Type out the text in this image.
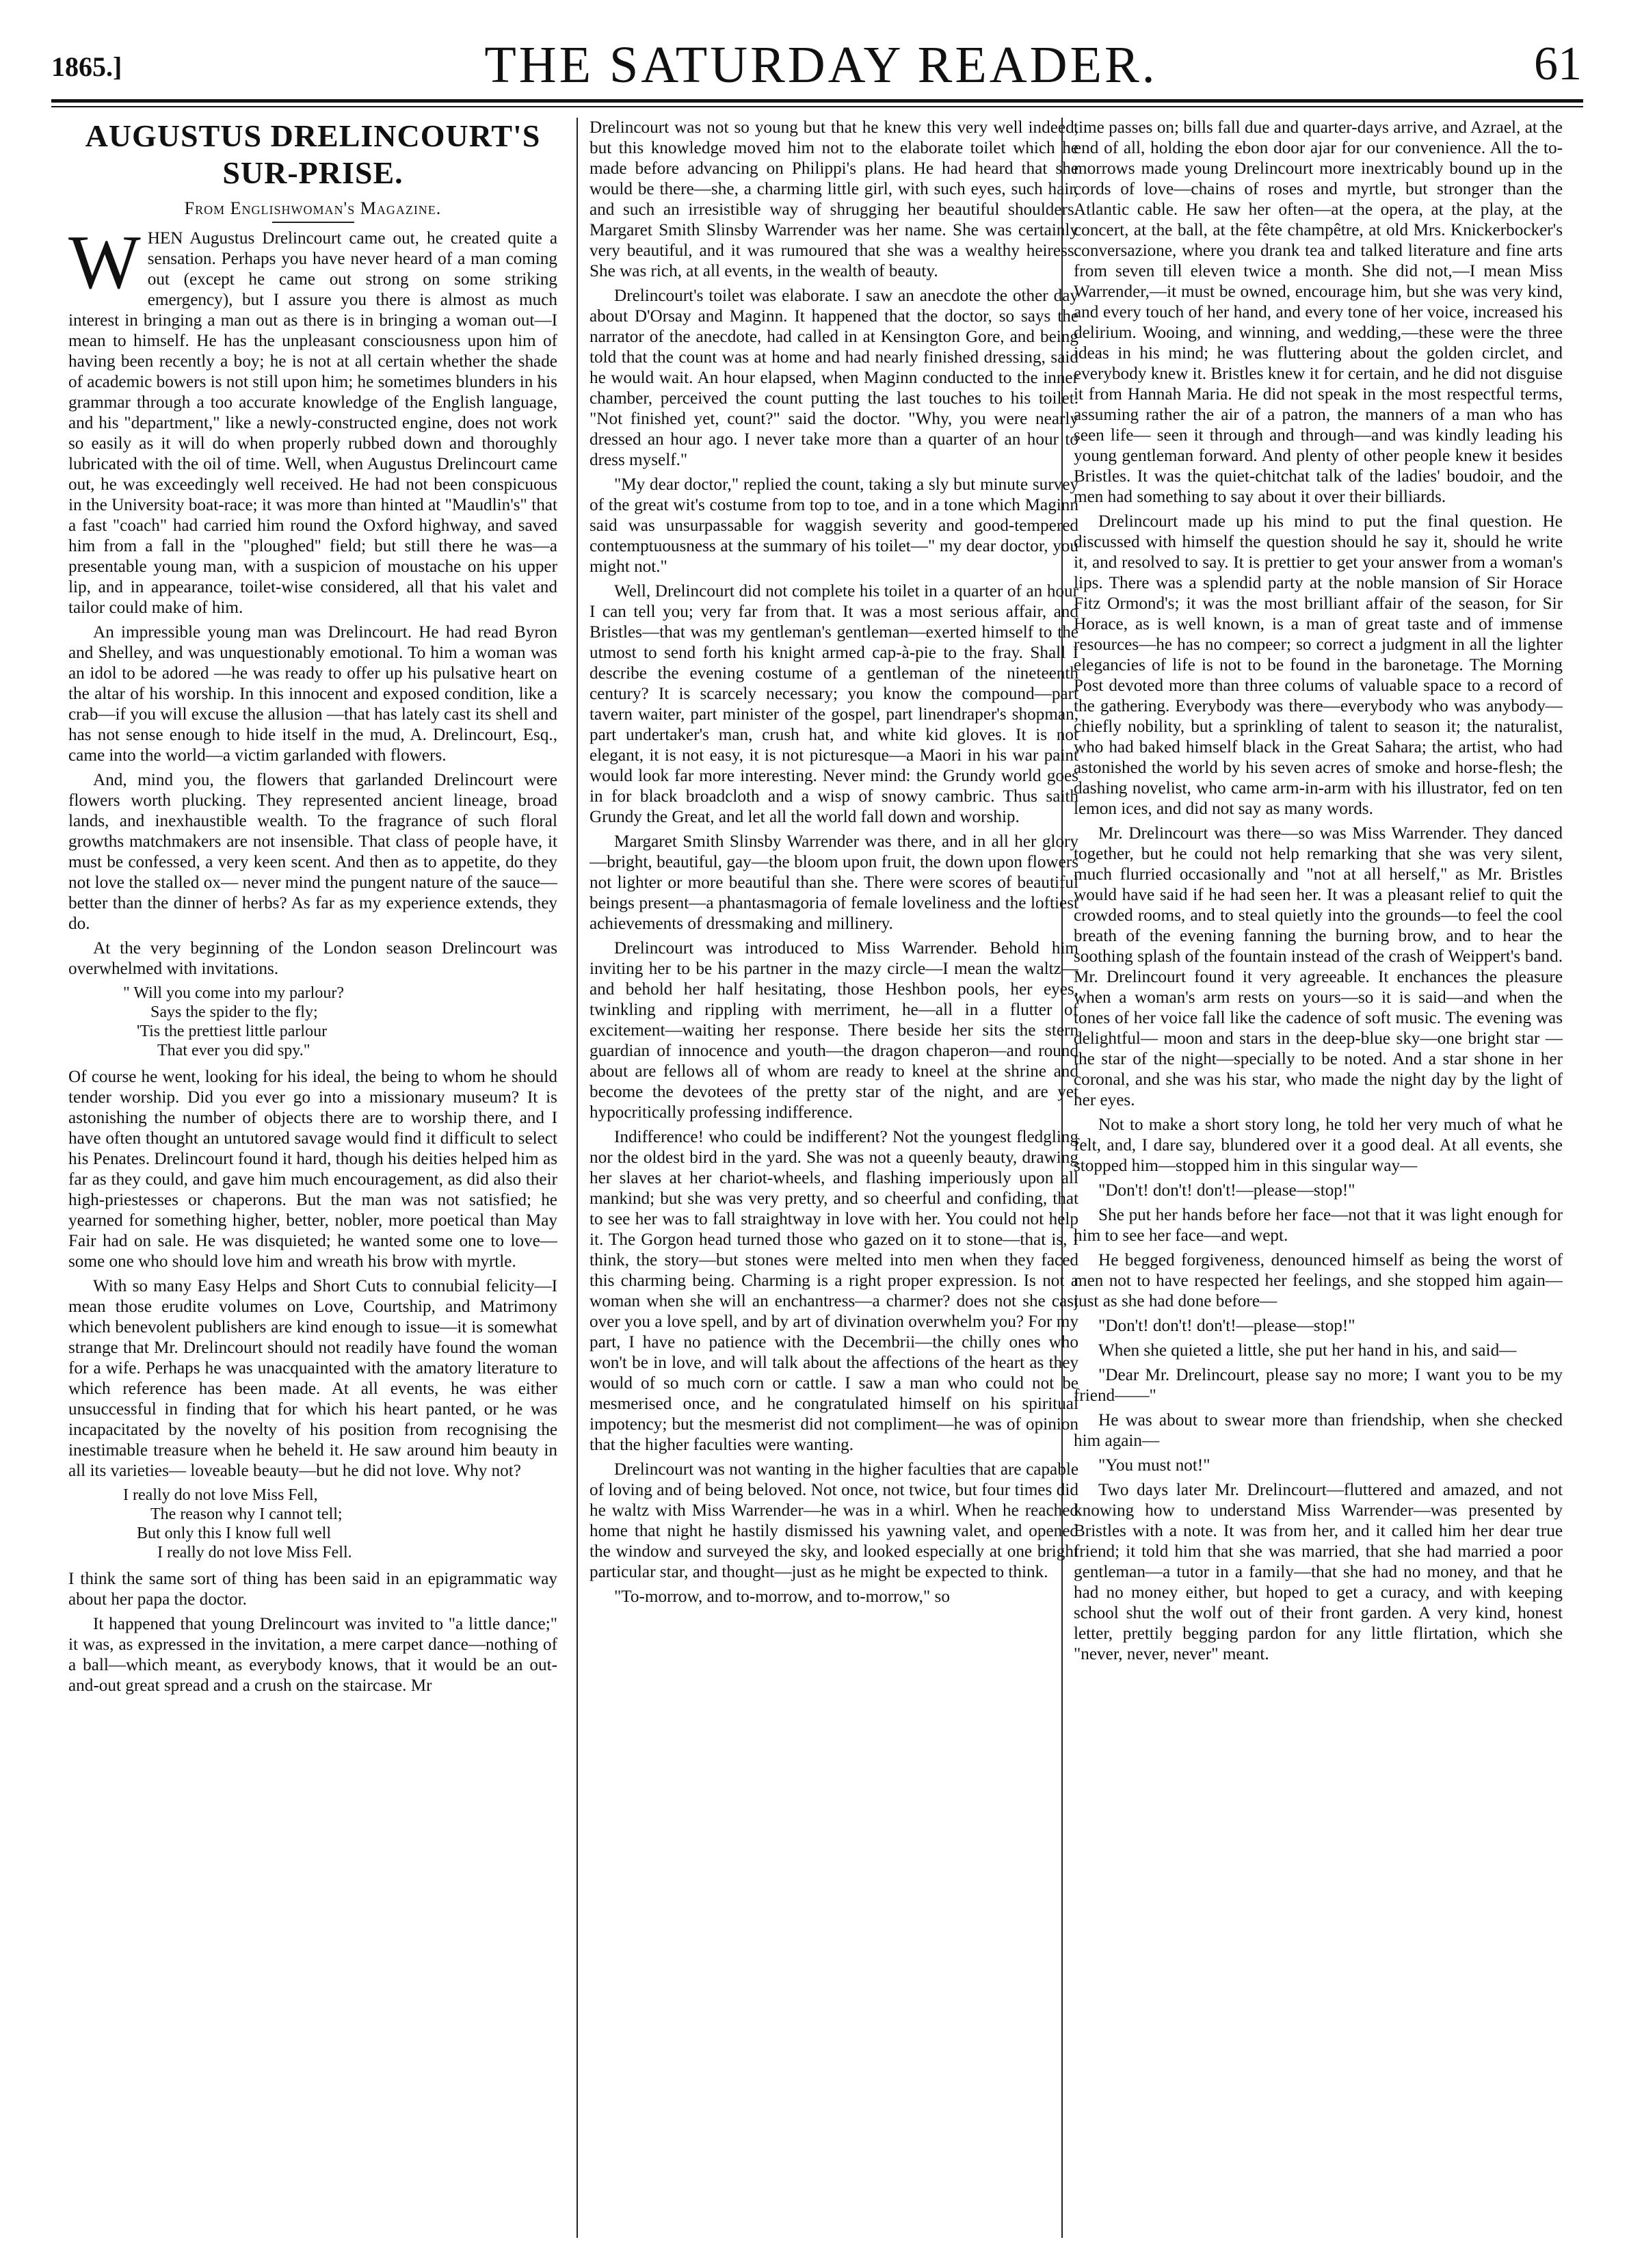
1865.]	THE SATURDAY READER.	61
AUGUSTUS DRELINCOURT'S SUR-PRISE.
From Englishwoman's Magazine.

WHEN Augustus Drelincourt came out, he created quite a sensation. Perhaps you have never heard of a man coming out (except he came out strong on some striking emergency), but I assure you there is almost as much interest in bringing a man out as there is in bringing a woman out—I mean to himself. He has the unpleasant consciousness upon him of having been recently a boy; he is not at all certain whether the shade of academic bowers is not still upon him; he sometimes blunders in his grammar through a too accurate knowledge of the English language, and his "department," like a newly-constructed engine, does not work so easily as it will do when properly rubbed down and thoroughly lubricated with the oil of time. Well, when Augustus Drelincourt came out, he was exceedingly well received. He had not been conspicuous in the University boat-race; it was more than hinted at "Maudlin's" that a fast "coach" had carried him round the Oxford highway, and saved him from a fall in the "ploughed" field; but still there he was—a presentable young man, with a suspicion of moustache on his upper lip, and in appearance, toilet-wise considered, all that his valet and tailor could make of him.

An impressible young man was Drelincourt. He had read Byron and Shelley, and was unquestionably emotional. To him a woman was an idol to be adored —he was ready to offer up his pulsative heart on the altar of his worship. In this innocent and exposed condition, like a crab—if you will excuse the allusion —that has lately cast its shell and has not sense enough to hide itself in the mud, A. Drelincourt, Esq., came into the world—a victim garlanded with flowers.

And, mind you, the flowers that garlanded Drelincourt were flowers worth plucking. They represented ancient lineage, broad lands, and inexhaustible wealth. To the fragrance of such floral growths matchmakers are not insensible. That class of people have, it must be confessed, a very keen scent. And then as to appetite, do they not love the stalled ox— never mind the pungent nature of the sauce—better than the dinner of herbs? As far as my experience extends, they do.

At the very beginning of the London season Drelincourt was overwhelmed with invitations.

" Will you come into my parlour?
Says the spider to the fly;
'Tis the prettiest little parlour
That ever you did spy."

Of course he went, looking for his ideal, the being to whom he should tender worship. Did you ever go into a missionary museum? It is astonishing the number of objects there are to worship there, and I have often thought an untutored savage would find it difficult to select his Penates. Drelincourt found it hard, though his deities helped him as far as they could, and gave him much encouragement, as did also their high-priestesses or chaperons. But the man was not satisfied; he yearned for something higher, better, nobler, more poetical than May Fair had on sale. He was disquieted; he wanted some one to love—some one who should love him and wreath his brow with myrtle.

With so many Easy Helps and Short Cuts to connubial felicity—I mean those erudite volumes on Love, Courtship, and Matrimony which benevolent publishers are kind enough to issue—it is somewhat strange that Mr. Drelincourt should not readily have found the woman for a wife. Perhaps he was unacquainted with the amatory literature to which reference has been made. At all events, he was either unsuccessful in finding that for which his heart panted, or he was incapacitated by the novelty of his position from recognising the inestimable treasure when he beheld it. He saw around him beauty in all its varieties— loveable beauty—but he did not love. Why not?

I really do not love Miss Fell,
The reason why I cannot tell;
But only this I know full well
I really do not love Miss Fell.

I think the same sort of thing has been said in an epigrammatic way about her papa the doctor.

It happened that young Drelincourt was invited to "a little dance;" it was, as expressed in the invitation, a mere carpet dance—nothing of a ball—which meant, as everybody knows, that it would be an out-and-out great spread and a crush on the staircase. Mr

Drelincourt was not so young but that he knew this very well indeed, but this knowledge moved him not to the elaborate toilet which he made before advancing on Philippi's plans. He had heard that she would be there—she, a charming little girl, with such eyes, such hair, and such an irresistible way of shrugging her beautiful shoulders. Margaret Smith Slinsby Warrender was her name. She was certainly very beautiful, and it was rumoured that she was a wealthy heiress. She was rich, at all events, in the wealth of beauty.

Drelincourt's toilet was elaborate. I saw an anecdote the other day about D'Orsay and Maginn. It happened that the doctor, so says the narrator of the anecdote, had called in at Kensington Gore, and being told that the count was at home and had nearly finished dressing, said he would wait. An hour elapsed, when Maginn conducted to the inner chamber, perceived the count putting the last touches to his toilet. "Not finished yet, count?" said the doctor. "Why, you were nearly dressed an hour ago. I never take more than a quarter of an hour to dress myself."

"My dear doctor," replied the count, taking a sly but minute survey of the great wit's costume from top to toe, and in a tone which Maginn said was unsurpassable for waggish severity and good-tempered contemptuousness at the summary of his toilet—" my dear doctor, you might not."

Well, Drelincourt did not complete his toilet in a quarter of an hour I can tell you; very far from that. It was a most serious affair, and Bristles—that was my gentleman's gentleman—exerted himself to the utmost to send forth his knight armed cap-à-pie to the fray. Shall I describe the evening costume of a gentleman of the nineteenth century? It is scarcely necessary; you know the compound—part tavern waiter, part minister of the gospel, part linendraper's shopman, part undertaker's man, crush hat, and white kid gloves. It is not elegant, it is not easy, it is not picturesque—a Maori in his war paint would look far more interesting. Never mind: the Grundy world goes in for black broadcloth and a wisp of snowy cambric. Thus saith Grundy the Great, and let all the world fall down and worship.

Margaret Smith Slinsby Warrender was there, and in all her glory—bright, beautiful, gay—the bloom upon fruit, the down upon flowers not lighter or more beautiful than she. There were scores of beautiful beings present—a phantasmagoria of female loveliness and the loftiest achievements of dressmaking and millinery.

Drelincourt was introduced to Miss Warrender. Behold him inviting her to be his partner in the mazy circle—I mean the waltz—and behold her half hesitating, those Heshbon pools, her eyes, twinkling and rippling with merriment, he—all in a flutter of excitement—waiting her response. There beside her sits the stern guardian of innocence and youth—the dragon chaperon—and round about are fellows all of whom are ready to kneel at the shrine and become the devotees of the pretty star of the night, and are yet hypocritically professing indifference.

Indifference! who could be indifferent? Not the youngest fledgling nor the oldest bird in the yard. She was not a queenly beauty, drawing her slaves at her chariot-wheels, and flashing imperiously upon all mankind; but she was very pretty, and so cheerful and confiding, that to see her was to fall straightway in love with her. You could not help it. The Gorgon head turned those who gazed on it to stone—that is, I think, the story—but stones were melted into men when they faced this charming being. Charming is a right proper expression. Is not a woman when she will an enchantress—a charmer? does not she cast over you a love spell, and by art of divination overwhelm you? For my part, I have no patience with the Decembrii—the chilly ones who won't be in love, and will talk about the affections of the heart as they would of so much corn or cattle. I saw a man who could not be mesmerised once, and he congratulated himself on his spiritual impotency; but the mesmerist did not compliment—he was of opinion that the higher faculties were wanting.

Drelincourt was not wanting in the higher faculties that are capable of loving and of being beloved. Not once, not twice, but four times did he waltz with Miss Warrender—he was in a whirl. When he reached home that night he hastily dismissed his yawning valet, and opened the window and surveyed the sky, and looked especially at one bright particular star, and thought—just as he might be expected to think.

"To-morrow, and to-morrow, and to-morrow," so

time passes on; bills fall due and quarter-days arrive, and Azrael, at the end of all, holding the ebon door ajar for our convenience. All the to-morrows made young Drelincourt more inextricably bound up in the cords of love—chains of roses and myrtle, but stronger than the Atlantic cable. He saw her often—at the opera, at the play, at the concert, at the ball, at the fête champêtre, at old Mrs. Knickerbocker's conversazione, where you drank tea and talked literature and fine arts from seven till eleven twice a month. She did not,—I mean Miss Warrender,—it must be owned, encourage him, but she was very kind, and every touch of her hand, and every tone of her voice, increased his delirium. Wooing, and winning, and wedding,—these were the three ideas in his mind; he was fluttering about the golden circlet, and everybody knew it. Bristles knew it for certain, and he did not disguise it from Hannah Maria. He did not speak in the most respectful terms, assuming rather the air of a patron, the manners of a man who has seen life— seen it through and through—and was kindly leading his young gentleman forward. And plenty of other people knew it besides Bristles. It was the quiet-chitchat talk of the ladies' boudoir, and the men had something to say about it over their billiards.

Drelincourt made up his mind to put the final question. He discussed with himself the question should he say it, should he write it, and resolved to say. It is prettier to get your answer from a woman's lips. There was a splendid party at the noble mansion of Sir Horace Fitz Ormond's; it was the most brilliant affair of the season, for Sir Horace, as is well known, is a man of great taste and of immense resources—he has no compeer; so correct a judgment in all the lighter elegancies of life is not to be found in the baronetage. The Morning Post devoted more than three colums of valuable space to a record of the gathering. Everybody was there—everybody who was anybody—chiefly nobility, but a sprinkling of talent to season it; the naturalist, who had baked himself black in the Great Sahara; the artist, who had astonished the world by his seven acres of smoke and horse-flesh; the dashing novelist, who came arm-in-arm with his illustrator, fed on ten lemon ices, and did not say as many words.

Mr. Drelincourt was there—so was Miss Warrender. They danced together, but he could not help remarking that she was very silent, much flurried occasionally and "not at all herself," as Mr. Bristles would have said if he had seen her. It was a pleasant relief to quit the crowded rooms, and to steal quietly into the grounds—to feel the cool breath of the evening fanning the burning brow, and to hear the soothing splash of the fountain instead of the crash of Weippert's band. Mr. Drelincourt found it very agreeable. It enchances the pleasure when a woman's arm rests on yours—so it is said—and when the tones of her voice fall like the cadence of soft music. The evening was delightful— moon and stars in the deep-blue sky—one bright star —the star of the night—specially to be noted. And a star shone in her coronal, and she was his star, who made the night day by the light of her eyes.

Not to make a short story long, he told her very much of what he felt, and, I dare say, blundered over it a good deal. At all events, she stopped him—stopped him in this singular way—

"Don't! don't! don't!—please—stop!"

She put her hands before her face—not that it was light enough for him to see her face—and wept.

He begged forgiveness, denounced himself as being the worst of men not to have respected her feelings, and she stopped him again—just as she had done before—

"Don't! don't! don't!—please—stop!"

When she quieted a little, she put her hand in his, and said—

"Dear Mr. Drelincourt, please say no more; I want you to be my friend——"

He was about to swear more than friendship, when she checked him again—

"You must not!"

Two days later Mr. Drelincourt—fluttered and amazed, and not knowing how to understand Miss Warrender—was presented by Bristles with a note. It was from her, and it called him her dear true friend; it told him that she was married, that she had married a poor gentleman—a tutor in a family—that she had no money, and that he had no money either, but hoped to get a curacy, and with keeping school shut the wolf out of their front garden. A very kind, honest letter, prettily begging pardon for any little flirtation, which she "never, never, never" meant.
